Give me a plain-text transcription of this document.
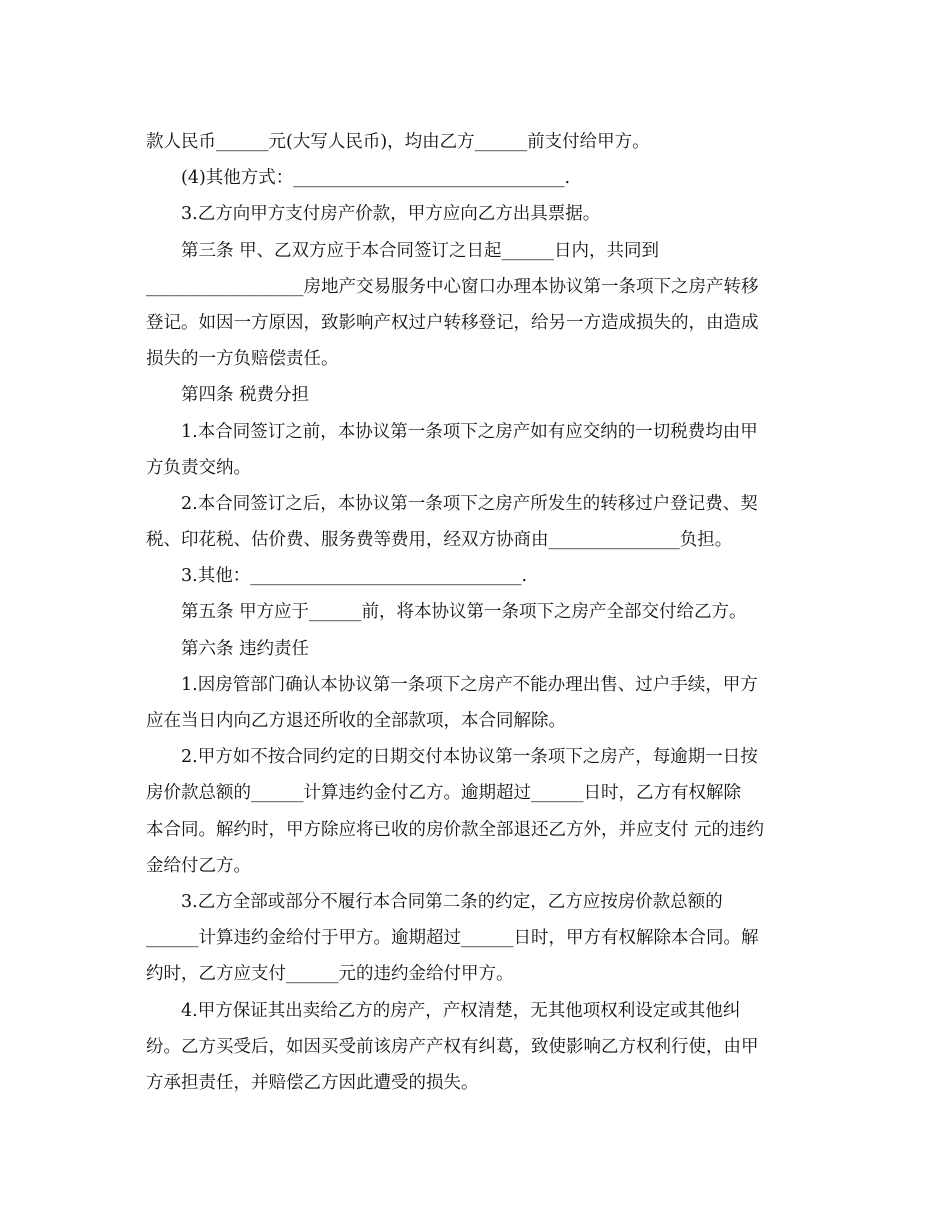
款人民币______元(大写人民币)，均由乙方______前支付给甲方。
(4)其他方式：_______________________________.
3.乙方向甲方支付房产价款，甲方应向乙方出具票据。
第三条 甲、乙双方应于本合同签订之日起______日内，共同到
__________________房地产交易服务中心窗口办理本协议第一条项下之房产转移
登记。如因一方原因，致影响产权过户转移登记，给另一方造成损失的，由造成
损失的一方负赔偿责任。
第四条 税费分担
1.本合同签订之前，本协议第一条项下之房产如有应交纳的一切税费均由甲
方负责交纳。
2.本合同签订之后，本协议第一条项下之房产所发生的转移过户登记费、契
税、印花税、估价费、服务费等费用，经双方协商由_______________负担。
3.其他：_______________________________.
第五条 甲方应于______前，将本协议第一条项下之房产全部交付给乙方。
第六条 违约责任
1.因房管部门确认本协议第一条项下之房产不能办理出售、过户手续，甲方
应在当日内向乙方退还所收的全部款项，本合同解除。
2.甲方如不按合同约定的日期交付本协议第一条项下之房产，每逾期一日按
房价款总额的______计算违约金付乙方。逾期超过______日时，乙方有权解除
本合同。解约时，甲方除应将已收的房价款全部退还乙方外，并应支付 元的违约
金给付乙方。
3.乙方全部或部分不履行本合同第二条的约定，乙方应按房价款总额的
______计算违约金给付于甲方。逾期超过______日时，甲方有权解除本合同。解
约时，乙方应支付______元的违约金给付甲方。
4.甲方保证其出卖给乙方的房产，产权清楚，无其他项权利设定或其他纠
纷。乙方买受后，如因买受前该房产产权有纠葛，致使影响乙方权利行使，由甲
方承担责任，并赔偿乙方因此遭受的损失。
